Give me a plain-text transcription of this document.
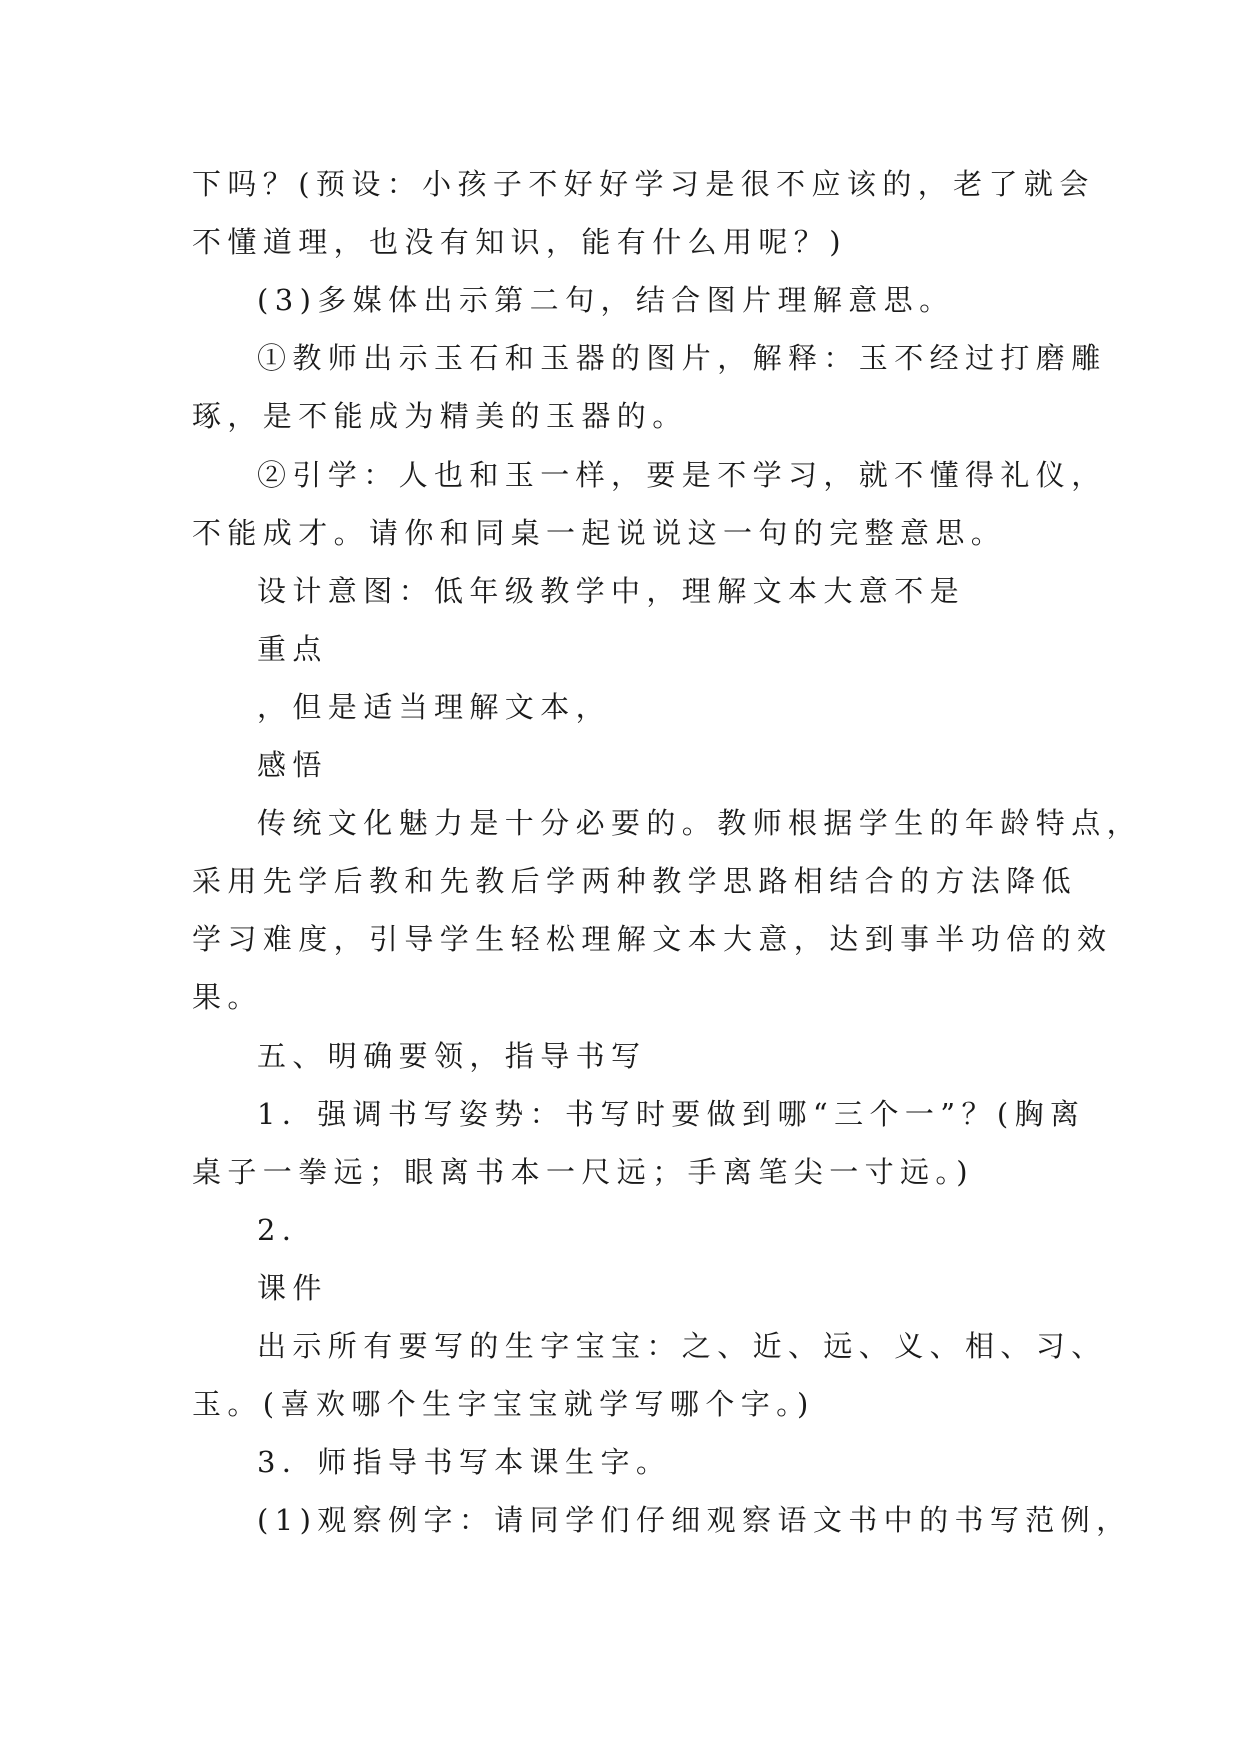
下吗？(预设：小孩子不好好学习是很不应该的，老了就会
不懂道理，也没有知识，能有什么用呢？)
(3)多媒体出示第二句，结合图片理解意思。
①教师出示玉石和玉器的图片，解释：玉不经过打磨雕
琢，是不能成为精美的玉器的。
②引学：人也和玉一样，要是不学习，就不懂得礼仪，
不能成才。请你和同桌一起说说这一句的完整意思。
设计意图：低年级教学中，理解文本大意不是
重点
，但是适当理解文本，
感悟
传统文化魅力是十分必要的。教师根据学生的年龄特点，
采用先学后教和先教后学两种教学思路相结合的方法降低
学习难度，引导学生轻松理解文本大意，达到事半功倍的效
果。
五、明确要领，指导书写
1．强调书写姿势：书写时要做到哪“三个一”？(胸离
桌子一拳远；眼离书本一尺远；手离笔尖一寸远。)
2．
课件
出示所有要写的生字宝宝：之、近、远、义、相、习、
玉。(喜欢哪个生字宝宝就学写哪个字。)
3．师指导书写本课生字。
(1)观察例字：请同学们仔细观察语文书中的书写范例，
